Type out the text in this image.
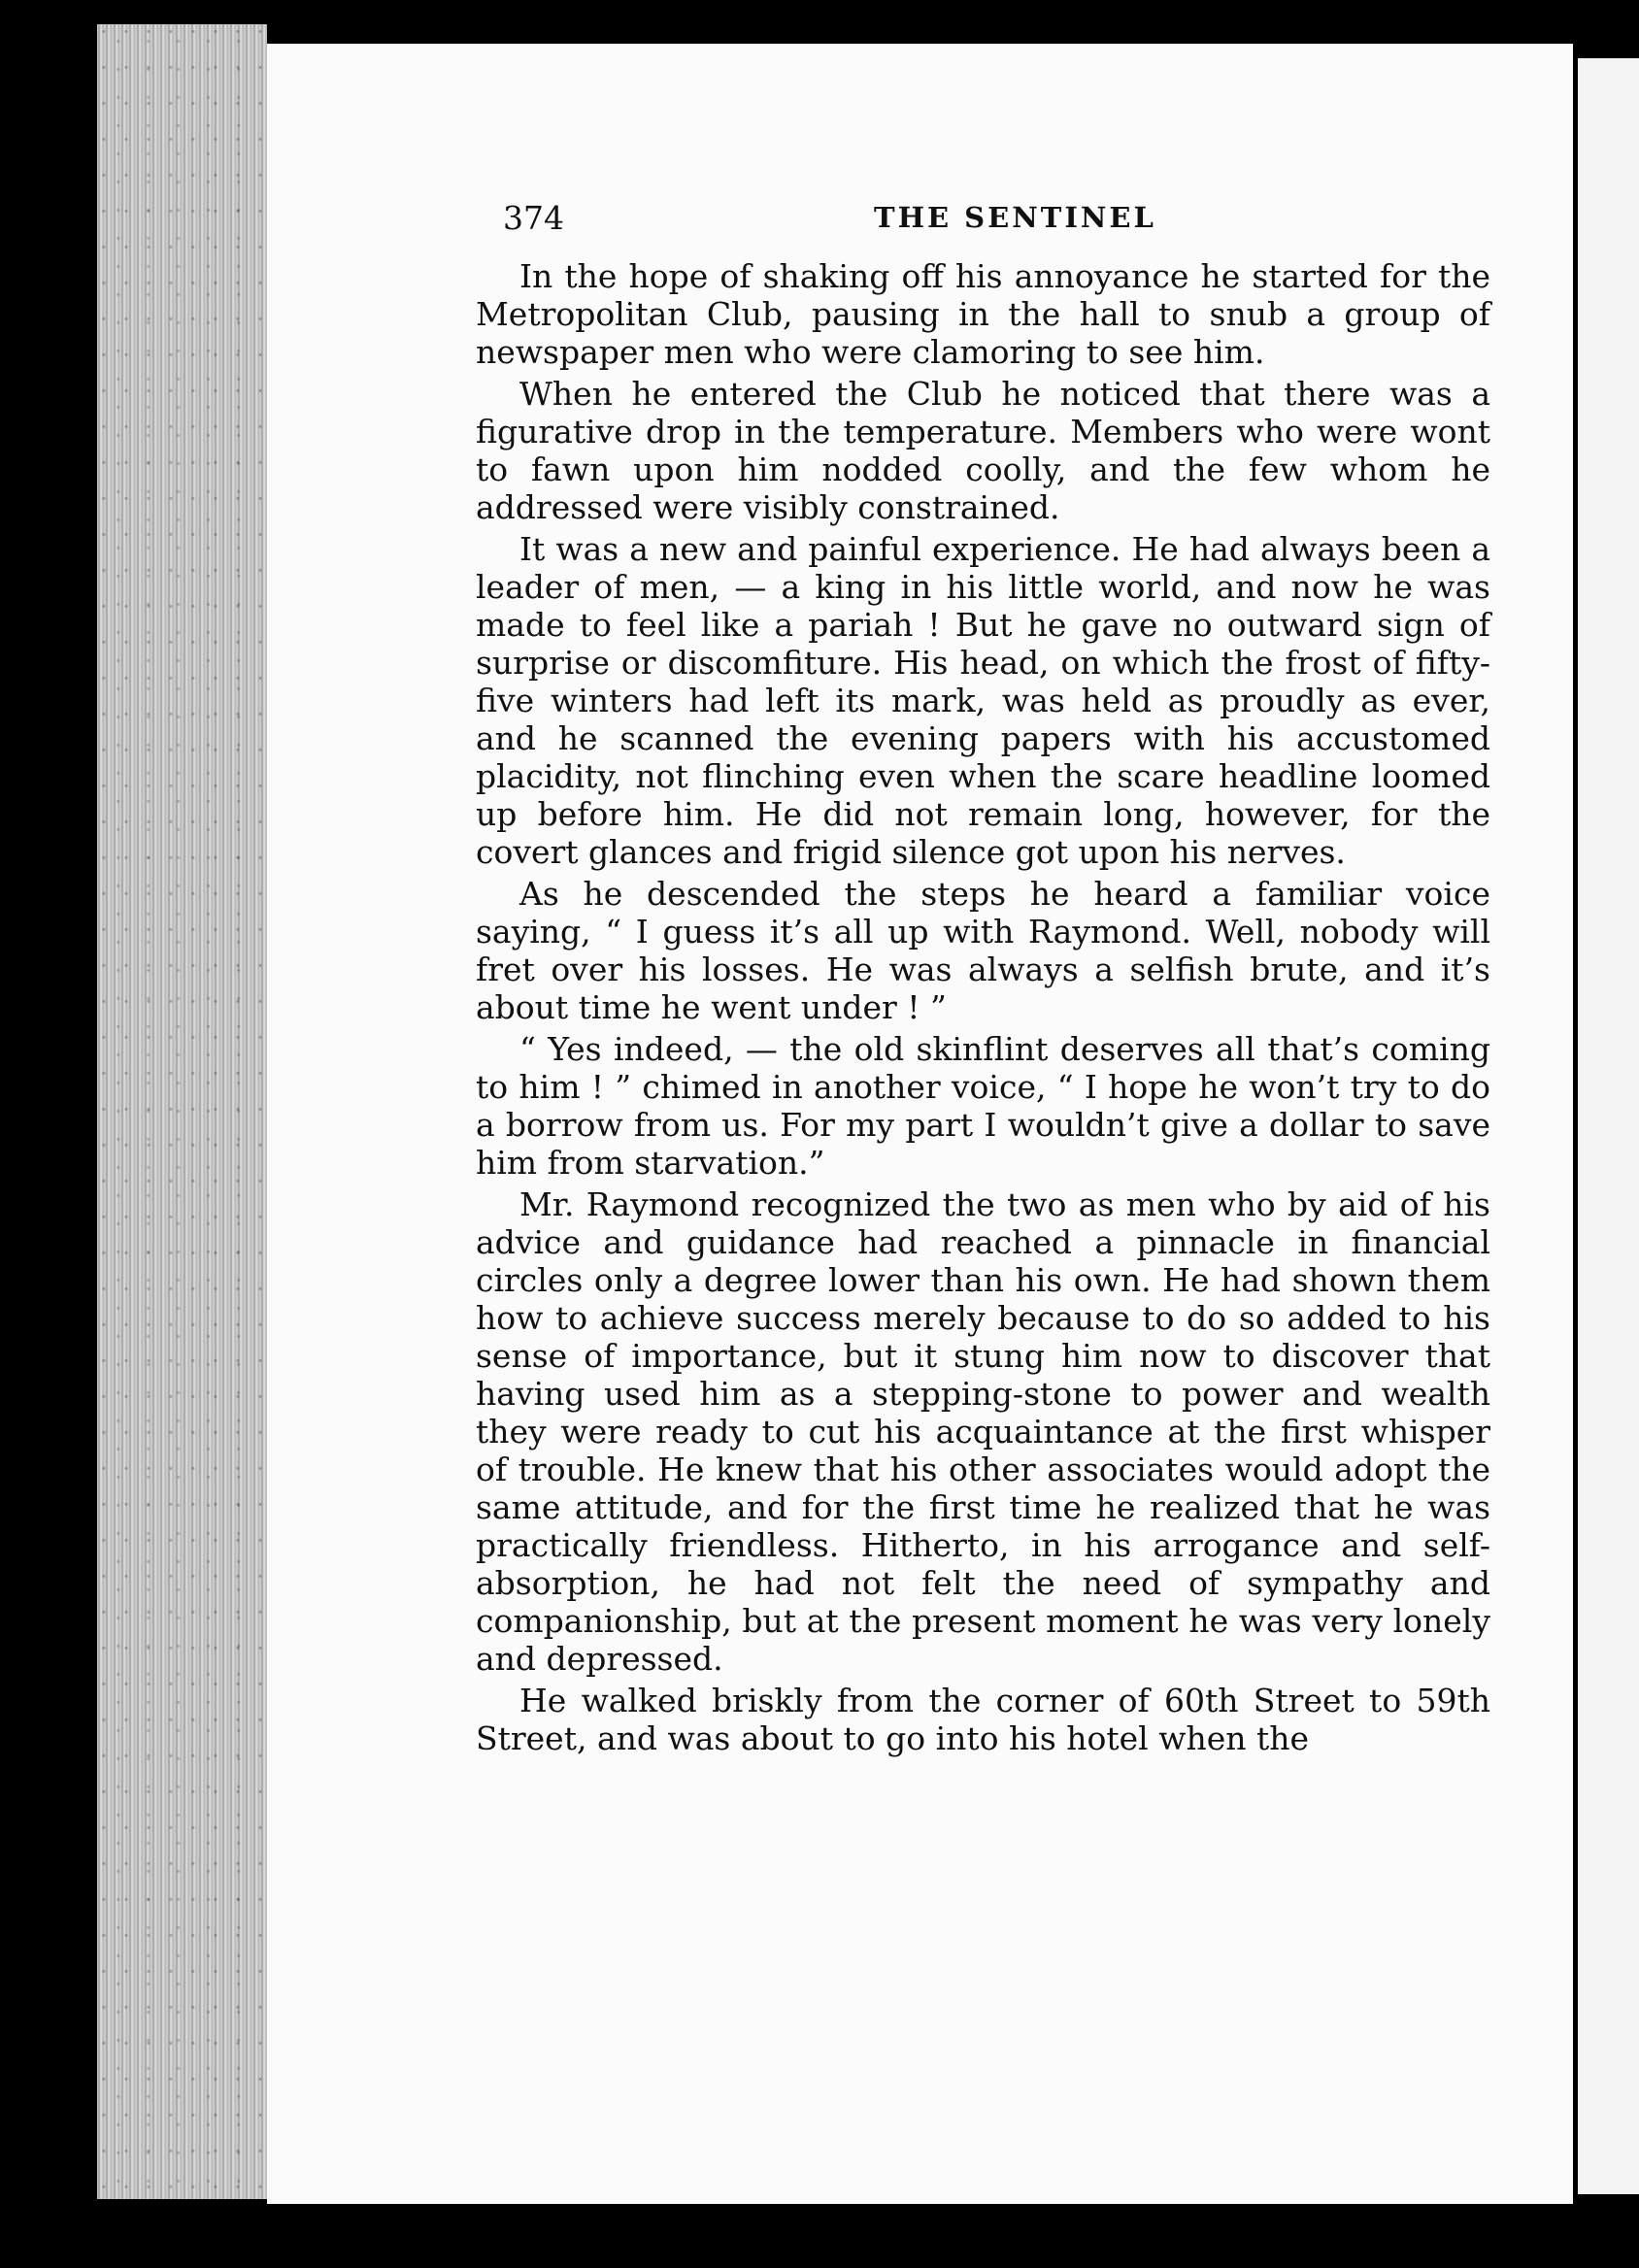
374	THE SENTINEL

In the hope of shaking off his annoyance he started for the Metropolitan Club, pausing in the hall to snub a group of newspaper men who were clamoring to see him.

When he entered the Club he noticed that there was a figurative drop in the temperature. Members who were wont to fawn upon him nodded coolly, and the few whom he addressed were visibly constrained.

It was a new and painful experience. He had always been a leader of men, — a king in his little world, and now he was made to feel like a pariah ! But he gave no outward sign of surprise or discomfiture. His head, on which the frost of fifty-five winters had left its mark, was held as proudly as ever, and he scanned the evening papers with his accustomed placidity, not flinching even when the scare headline loomed up before him. He did not remain long, however, for the covert glances and frigid silence got upon his nerves.

As he descended the steps he heard a familiar voice saying, “ I guess it’s all up with Raymond. Well, nobody will fret over his losses. He was always a selfish brute, and it’s about time he went under ! ”

“ Yes indeed, — the old skinflint deserves all that’s coming to him ! ” chimed in another voice, “ I hope he won’t try to do a borrow from us. For my part I wouldn’t give a dollar to save him from starvation.”

Mr. Raymond recognized the two as men who by aid of his advice and guidance had reached a pinnacle in financial circles only a degree lower than his own. He had shown them how to achieve success merely because to do so added to his sense of importance, but it stung him now to discover that having used him as a stepping-stone to power and wealth they were ready to cut his acquaintance at the first whisper of trouble. He knew that his other associates would adopt the same attitude, and for the first time he realized that he was practically friendless. Hitherto, in his arrogance and self-absorption, he had not felt the need of sympathy and companionship, but at the present moment he was very lonely and depressed.

He walked briskly from the corner of 60th Street to 59th Street, and was about to go into his hotel when the
